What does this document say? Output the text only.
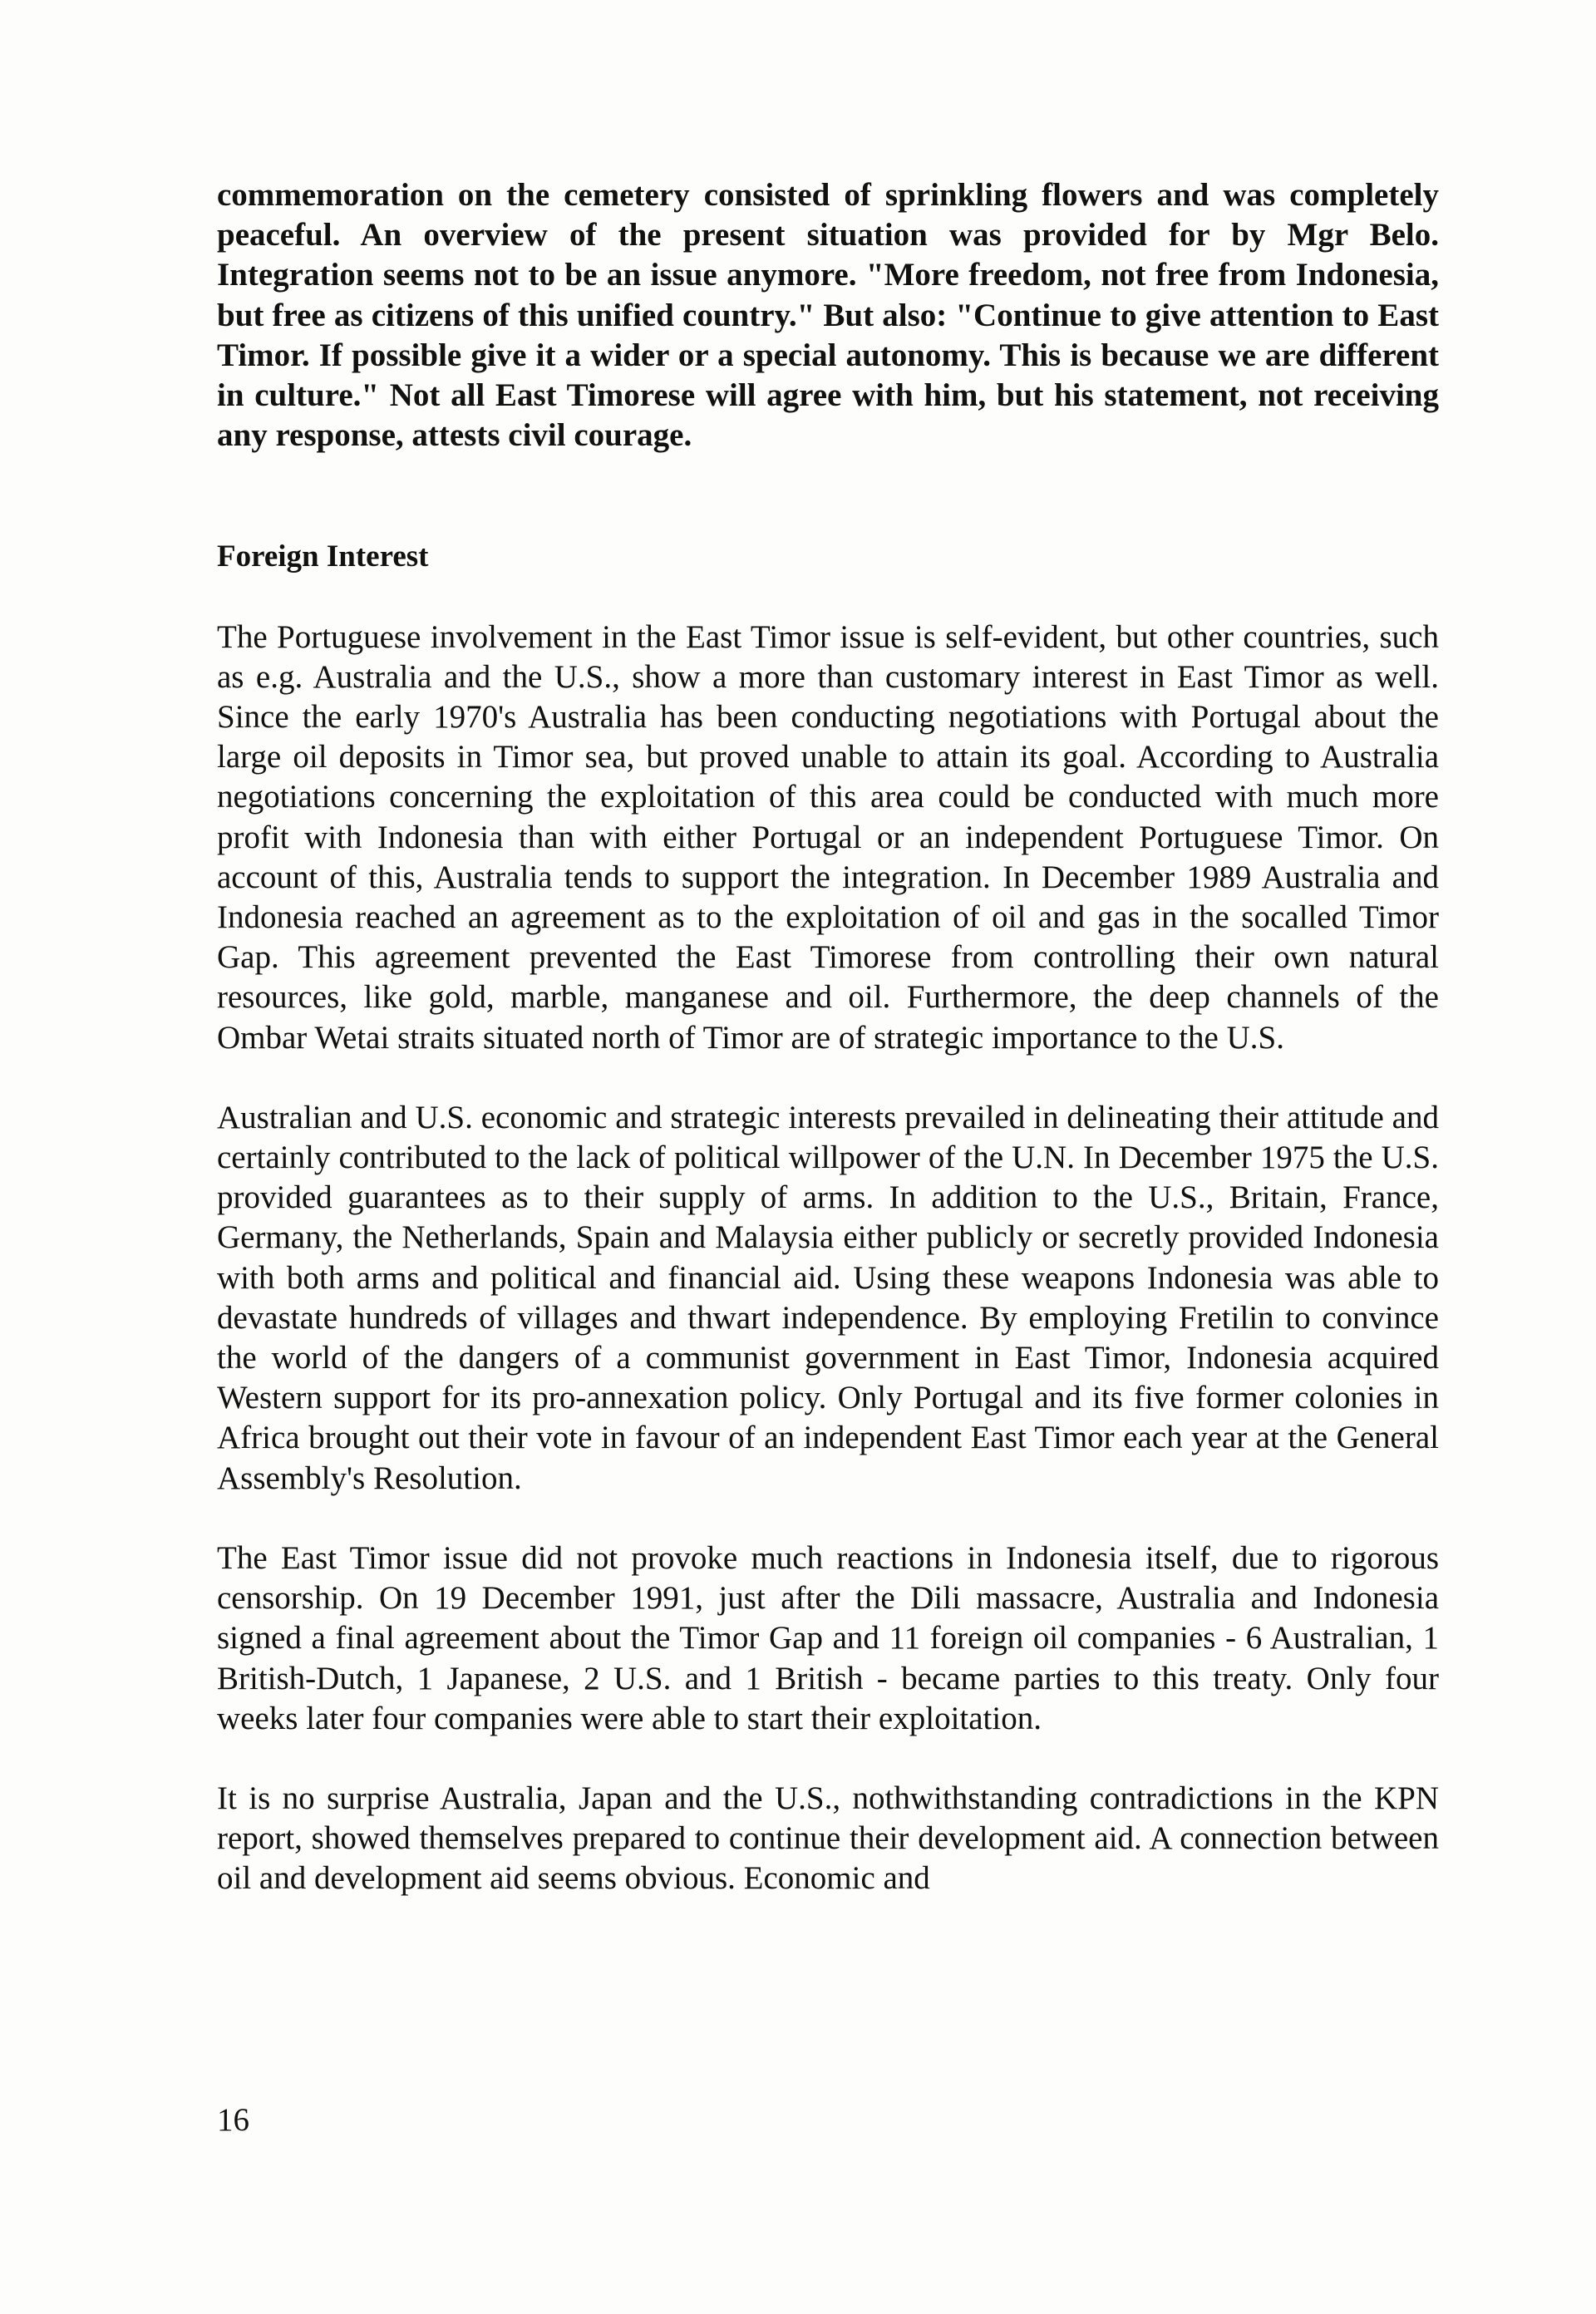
commemoration on the cemetery consisted of sprinkling flowers and was completely peaceful. An overview of the present situation was provided for by Mgr Belo. Integration seems not to be an issue anymore. "More freedom, not free from Indonesia, but free as citizens of this unified country." But also: "Continue to give attention to East Timor. If possible give it a wider or a special autonomy. This is because we are different in culture." Not all East Timorese will agree with him, but his statement, not receiving any response, attests civil courage.

Foreign Interest

The Portuguese involvement in the East Timor issue is self-evident, but other countries, such as e.g. Australia and the U.S., show a more than customary interest in East Timor as well. Since the early 1970's Australia has been conducting negotiations with Portugal about the large oil deposits in Timor sea, but proved unable to attain its goal. According to Australia negotiations concerning the exploitation of this area could be conducted with much more profit with Indonesia than with either Portugal or an independent Portuguese Timor. On account of this, Australia tends to support the integration. In December 1989 Australia and Indonesia reached an agreement as to the exploitation of oil and gas in the socalled Timor Gap. This agreement prevented the East Timorese from controlling their own natural resources, like gold, marble, manganese and oil. Furthermore, the deep channels of the Ombar Wetai straits situated north of Timor are of strategic importance to the U.S.

Australian and U.S. economic and strategic interests prevailed in delineating their attitude and certainly contributed to the lack of political willpower of the U.N. In December 1975 the U.S. provided guarantees as to their supply of arms. In addition to the U.S., Britain, France, Germany, the Netherlands, Spain and Malaysia either publicly or secretly provided Indonesia with both arms and political and financial aid. Using these weapons Indonesia was able to devastate hundreds of villages and thwart independence. By employing Fretilin to convince the world of the dangers of a communist government in East Timor, Indonesia acquired Western support for its pro-annexation policy. Only Portugal and its five former colonies in Africa brought out their vote in favour of an independent East Timor each year at the General Assembly's Resolution.

The East Timor issue did not provoke much reactions in Indonesia itself, due to rigorous censorship. On 19 December 1991, just after the Dili massacre, Australia and Indonesia signed a final agreement about the Timor Gap and 11 foreign oil companies - 6 Australian, 1 British-Dutch, 1 Japanese, 2 U.S. and 1 British - became parties to this treaty. Only four weeks later four companies were able to start their exploitation.

It is no surprise Australia, Japan and the U.S., nothwithstanding contradictions in the KPN report, showed themselves prepared to continue their development aid. A connection between oil and development aid seems obvious. Economic and

16
